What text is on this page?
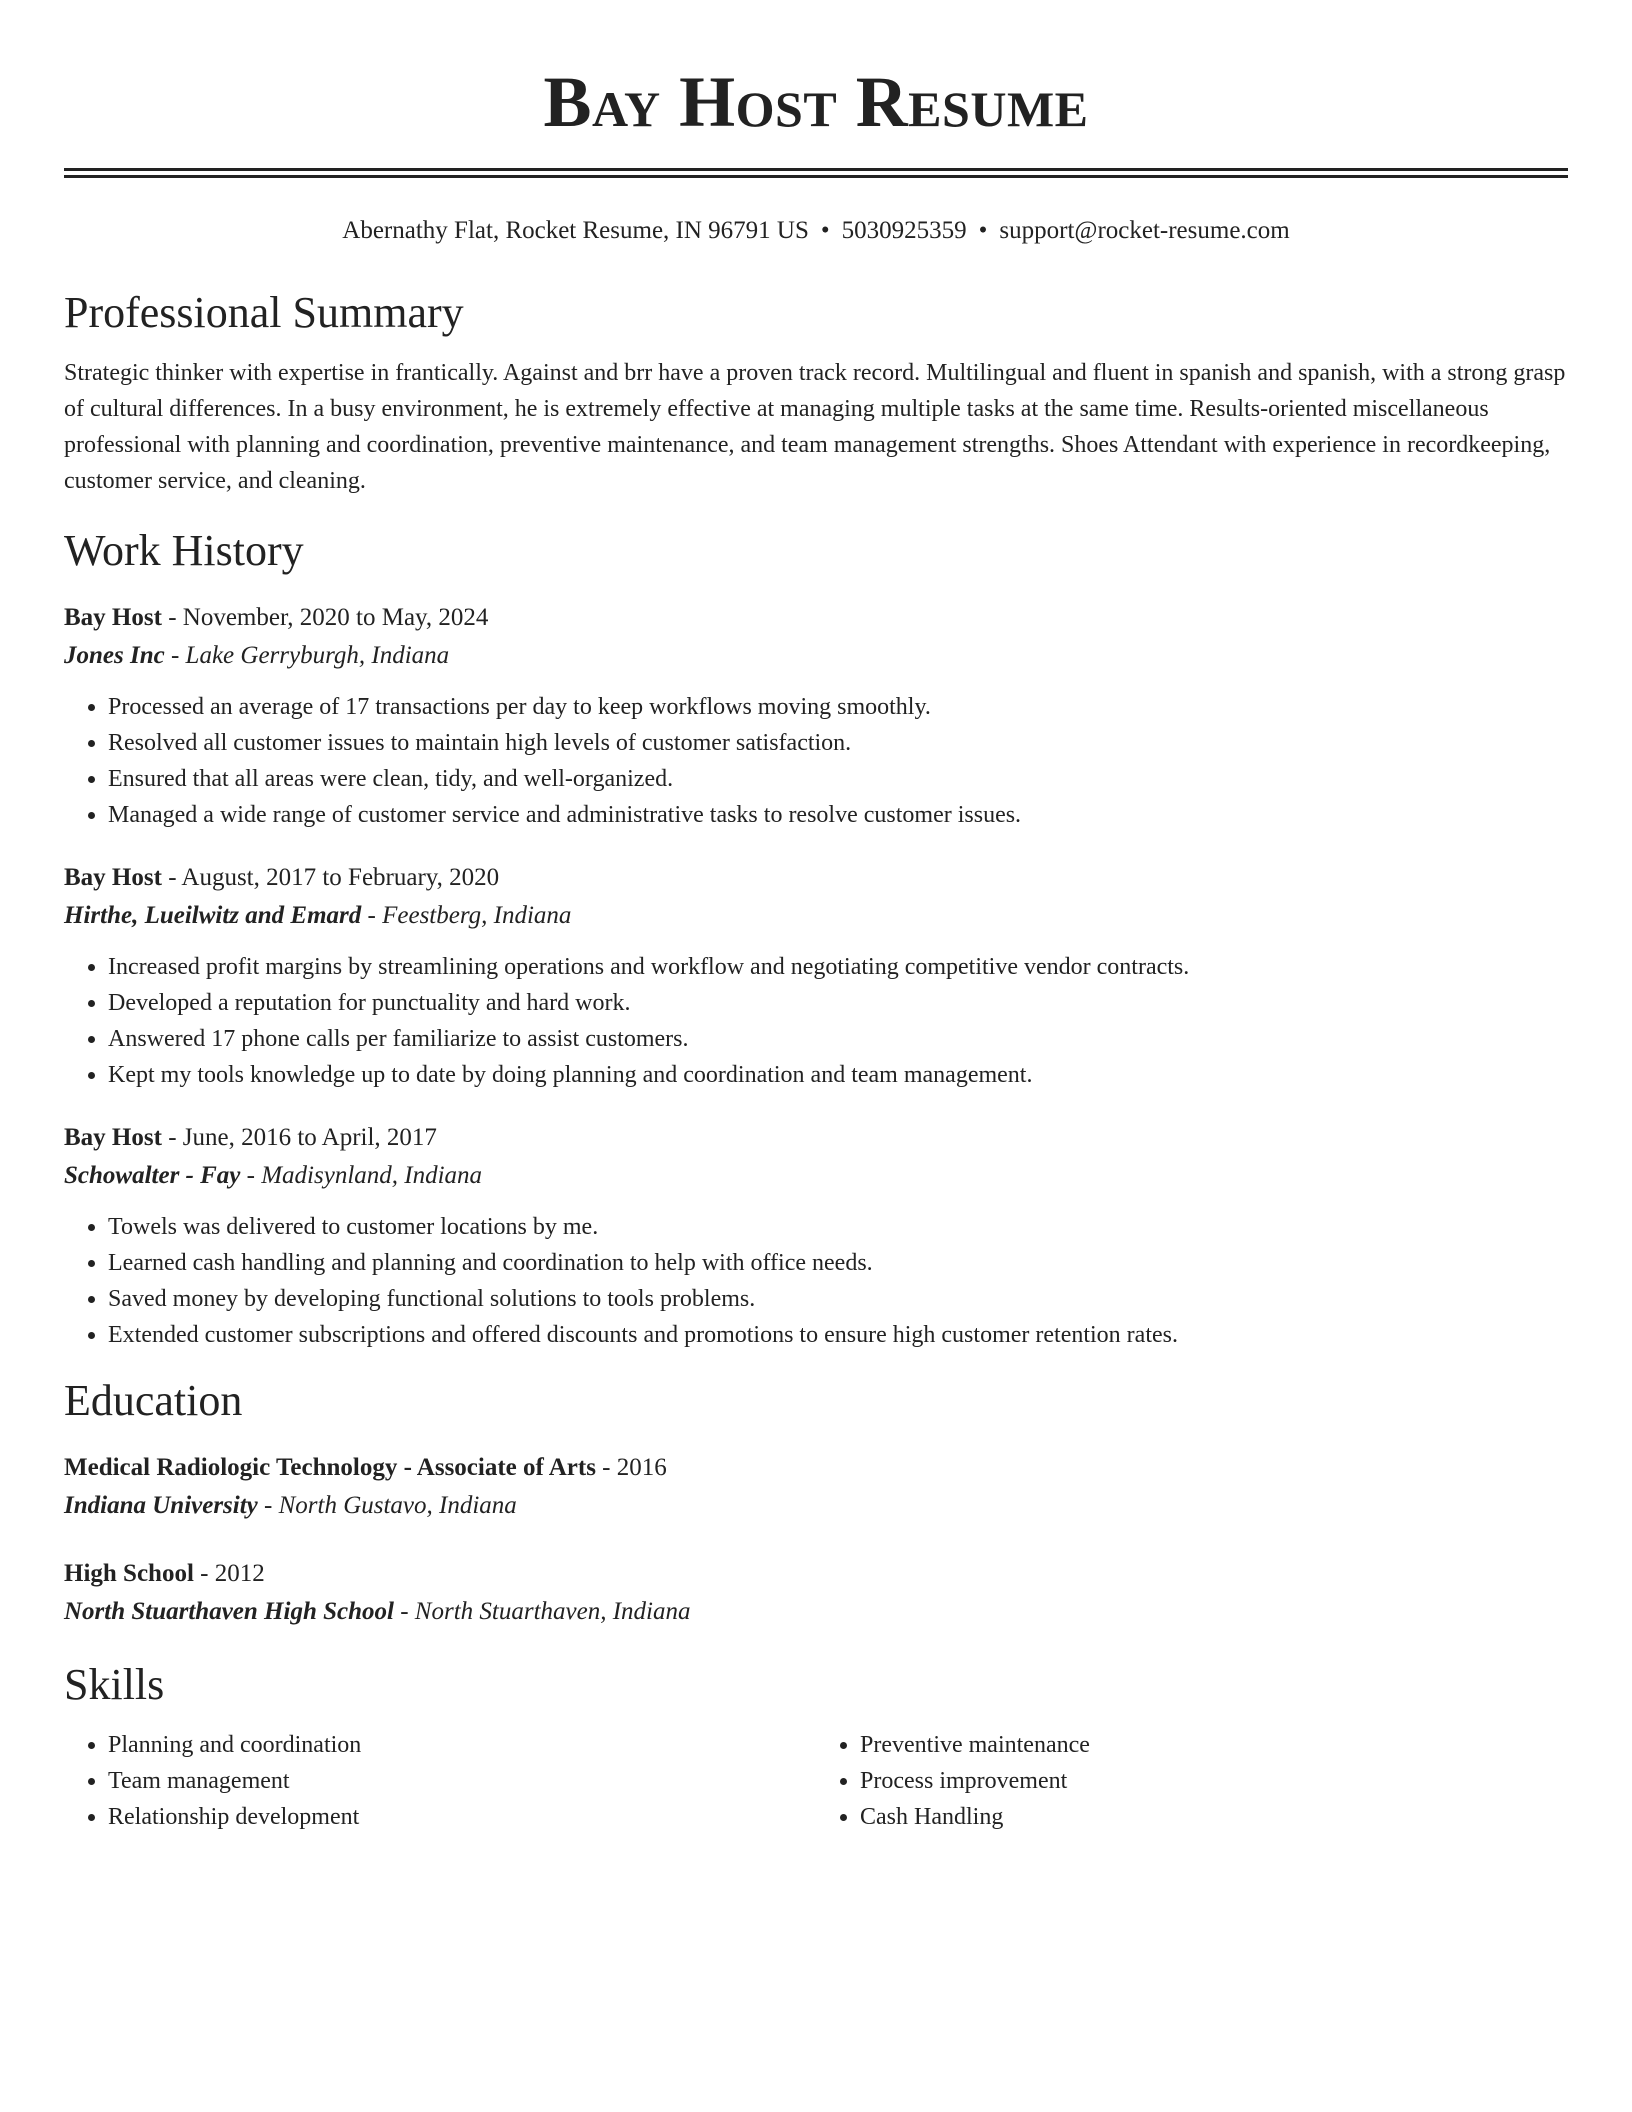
Bay Host Resume
Abernathy Flat, Rocket Resume, IN 96791 US • 5030925359 • support@rocket-resume.com
Professional Summary

Strategic thinker with expertise in frantically. Against and brr have a proven track record. Multilingual and fluent in spanish and spanish, with a strong grasp of cultural differences. In a busy environment, he is extremely effective at managing multiple tasks at the same time. Results-oriented miscellaneous professional with planning and coordination, preventive maintenance, and team management strengths. Shoes Attendant with experience in recordkeeping, customer service, and cleaning.

Work History
Bay Host - November, 2020 to May, 2024
Jones Inc - Lake Gerryburgh, Indiana
• Processed an average of 17 transactions per day to keep workflows moving smoothly.
• Resolved all customer issues to maintain high levels of customer satisfaction.
• Ensured that all areas were clean, tidy, and well-organized.
• Managed a wide range of customer service and administrative tasks to resolve customer issues.
Bay Host - August, 2017 to February, 2020
Hirthe, Lueilwitz and Emard - Feestberg, Indiana
• Increased profit margins by streamlining operations and workflow and negotiating competitive vendor contracts.
• Developed a reputation for punctuality and hard work.
• Answered 17 phone calls per familiarize to assist customers.
• Kept my tools knowledge up to date by doing planning and coordination and team management.
Bay Host - June, 2016 to April, 2017
Schowalter - Fay - Madisynland, Indiana
• Towels was delivered to customer locations by me.
• Learned cash handling and planning and coordination to help with office needs.
• Saved money by developing functional solutions to tools problems.
• Extended customer subscriptions and offered discounts and promotions to ensure high customer retention rates.
Education
Medical Radiologic Technology - Associate of Arts - 2016
Indiana University - North Gustavo, Indiana
High School - 2012
North Stuarthaven High School - North Stuarthaven, Indiana
Skills
• Planning and coordination
• Team management
• Relationship development
• Preventive maintenance
• Process improvement
• Cash Handling
